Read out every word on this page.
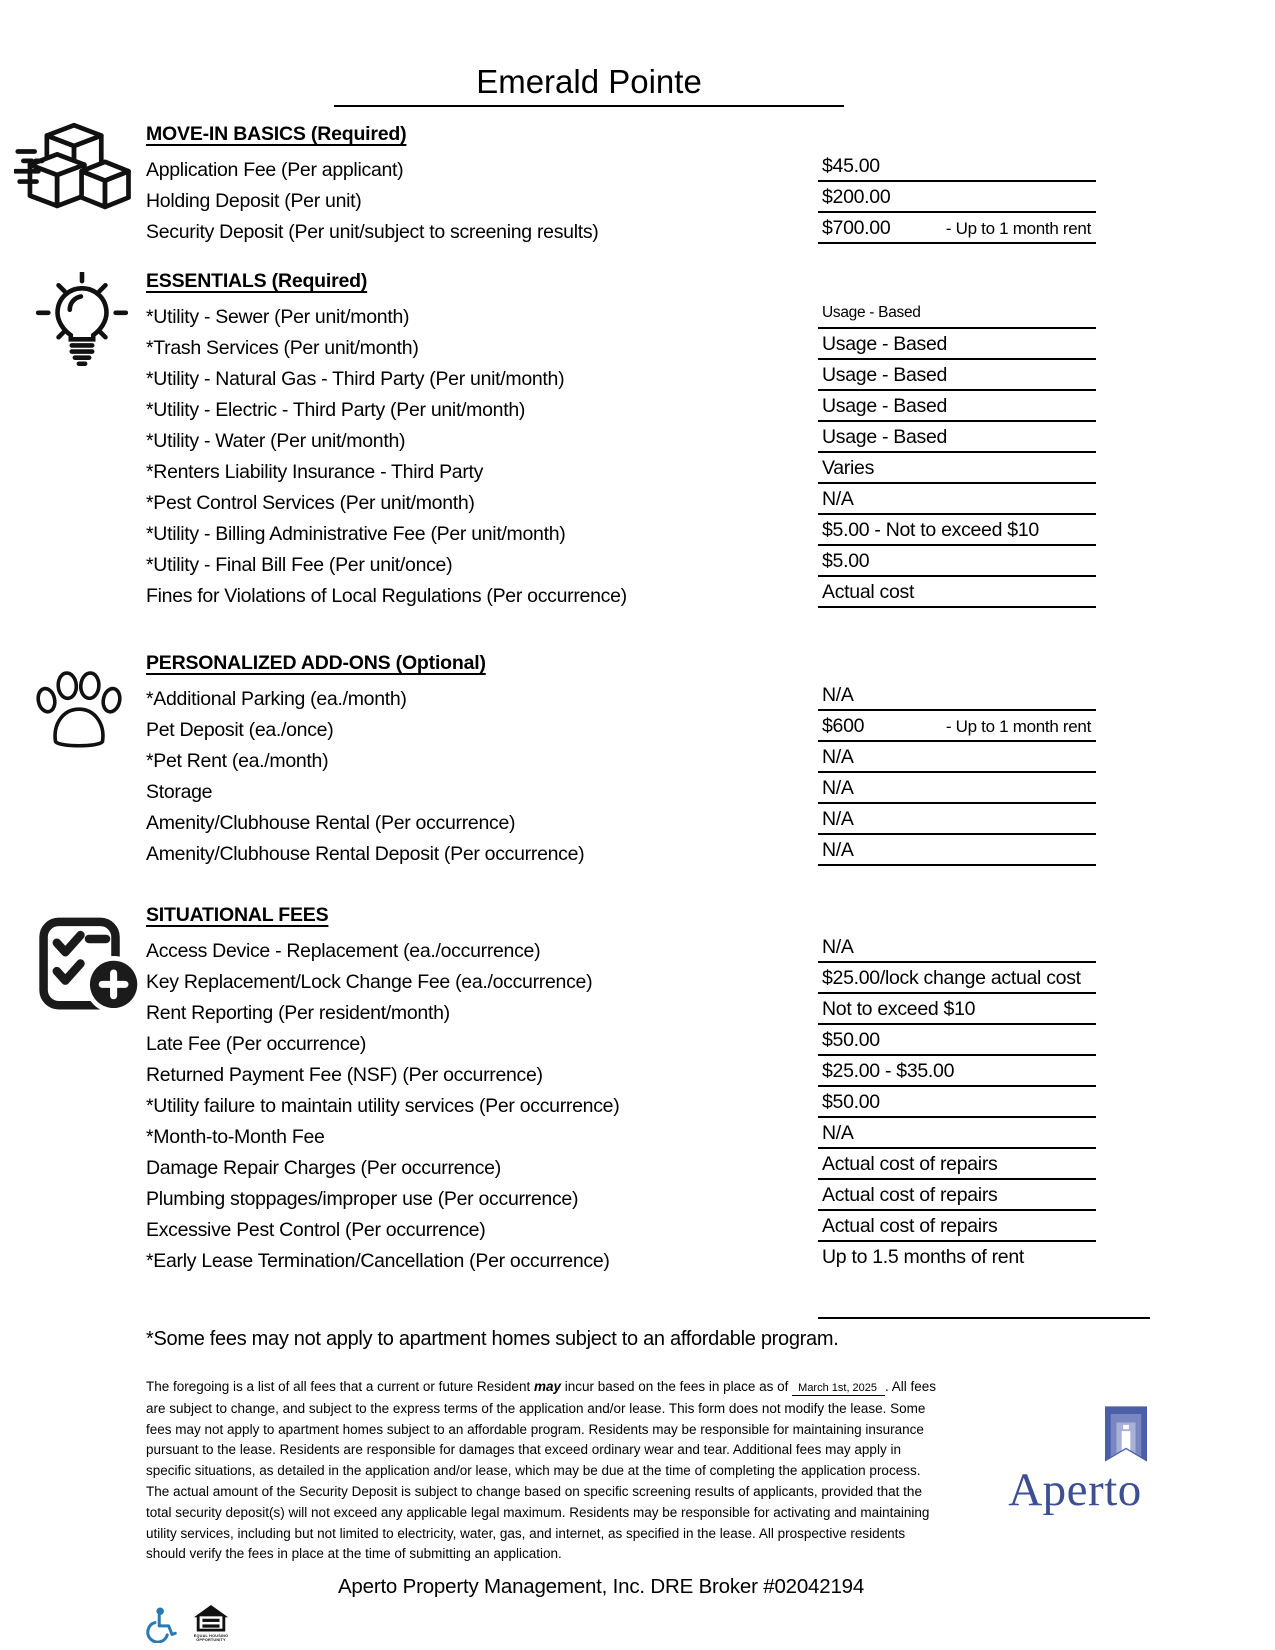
Emerald Pointe
MOVE-IN BASICS (Required)
Application Fee (Per applicant)	$45.00
Holding Deposit (Per unit)	$200.00
Security Deposit (Per unit/subject to screening results)	$700.00	- Up to 1 month rent
ESSENTIALS (Required)
*Utility - Sewer (Per unit/month)	Usage - Based
*Trash Services (Per unit/month)	Usage - Based
*Utility - Natural Gas - Third Party (Per unit/month)	Usage - Based
*Utility - Electric - Third Party (Per unit/month)	Usage - Based
*Utility - Water (Per unit/month)	Usage - Based
*Renters Liability Insurance - Third Party	Varies
*Pest Control Services (Per unit/month)	N/A
*Utility - Billing Administrative Fee (Per unit/month)	$5.00 - Not to exceed $10
*Utility - Final Bill Fee (Per unit/once)	$5.00
Fines for Violations of Local Regulations (Per occurrence)	Actual cost
PERSONALIZED ADD-ONS (Optional)
*Additional Parking (ea./month)	N/A
Pet Deposit (ea./once)	$600	- Up to 1 month rent
*Pet Rent (ea./month)	N/A
Storage	N/A
Amenity/Clubhouse Rental (Per occurrence)	N/A
Amenity/Clubhouse Rental Deposit (Per occurrence)	N/A
SITUATIONAL FEES
Access Device - Replacement (ea./occurrence)	N/A
Key Replacement/Lock Change Fee (ea./occurrence)	$25.00/lock change actual cost
Rent Reporting (Per resident/month)	Not to exceed $10
Late Fee (Per occurrence)	$50.00
Returned Payment Fee (NSF) (Per occurrence)	$25.00 - $35.00
*Utility failure to maintain utility services (Per occurrence)	$50.00
*Month-to-Month Fee	N/A
Damage Repair Charges (Per occurrence)	Actual cost of repairs
Plumbing stoppages/improper use (Per occurrence)	Actual cost of repairs
Excessive Pest Control (Per occurrence)	Actual cost of repairs
*Early Lease Termination/Cancellation (Per occurrence)	Up to 1.5 months of rent
*Some fees may not apply to apartment homes subject to an affordable program.

The foregoing is a list of all fees that a current or future Resident may incur based on the fees in place as of March 1st, 2025 . All fees are subject to change, and subject to the express terms of the application and/or lease. This form does not modify the lease. Some fees may not apply to apartment homes subject to an affordable program. Residents may be responsible for maintaining insurance pursuant to the lease. Residents are responsible for damages that exceed ordinary wear and tear. Additional fees may apply in specific situations, as detailed in the application and/or lease, which may be due at the time of completing the application process. The actual amount of the Security Deposit is subject to change based on specific screening results of applicants, provided that the total security deposit(s) will not exceed any applicable legal maximum. Residents may be responsible for activating and maintaining utility services, including but not limited to electricity, water, gas, and internet, as specified in the lease. All prospective residents should verify the fees in place at the time of submitting an application.

Aperto Property Management, Inc. DRE Broker #02042194
EQUAL HOUSING
OPPORTUNITY
Aperto
